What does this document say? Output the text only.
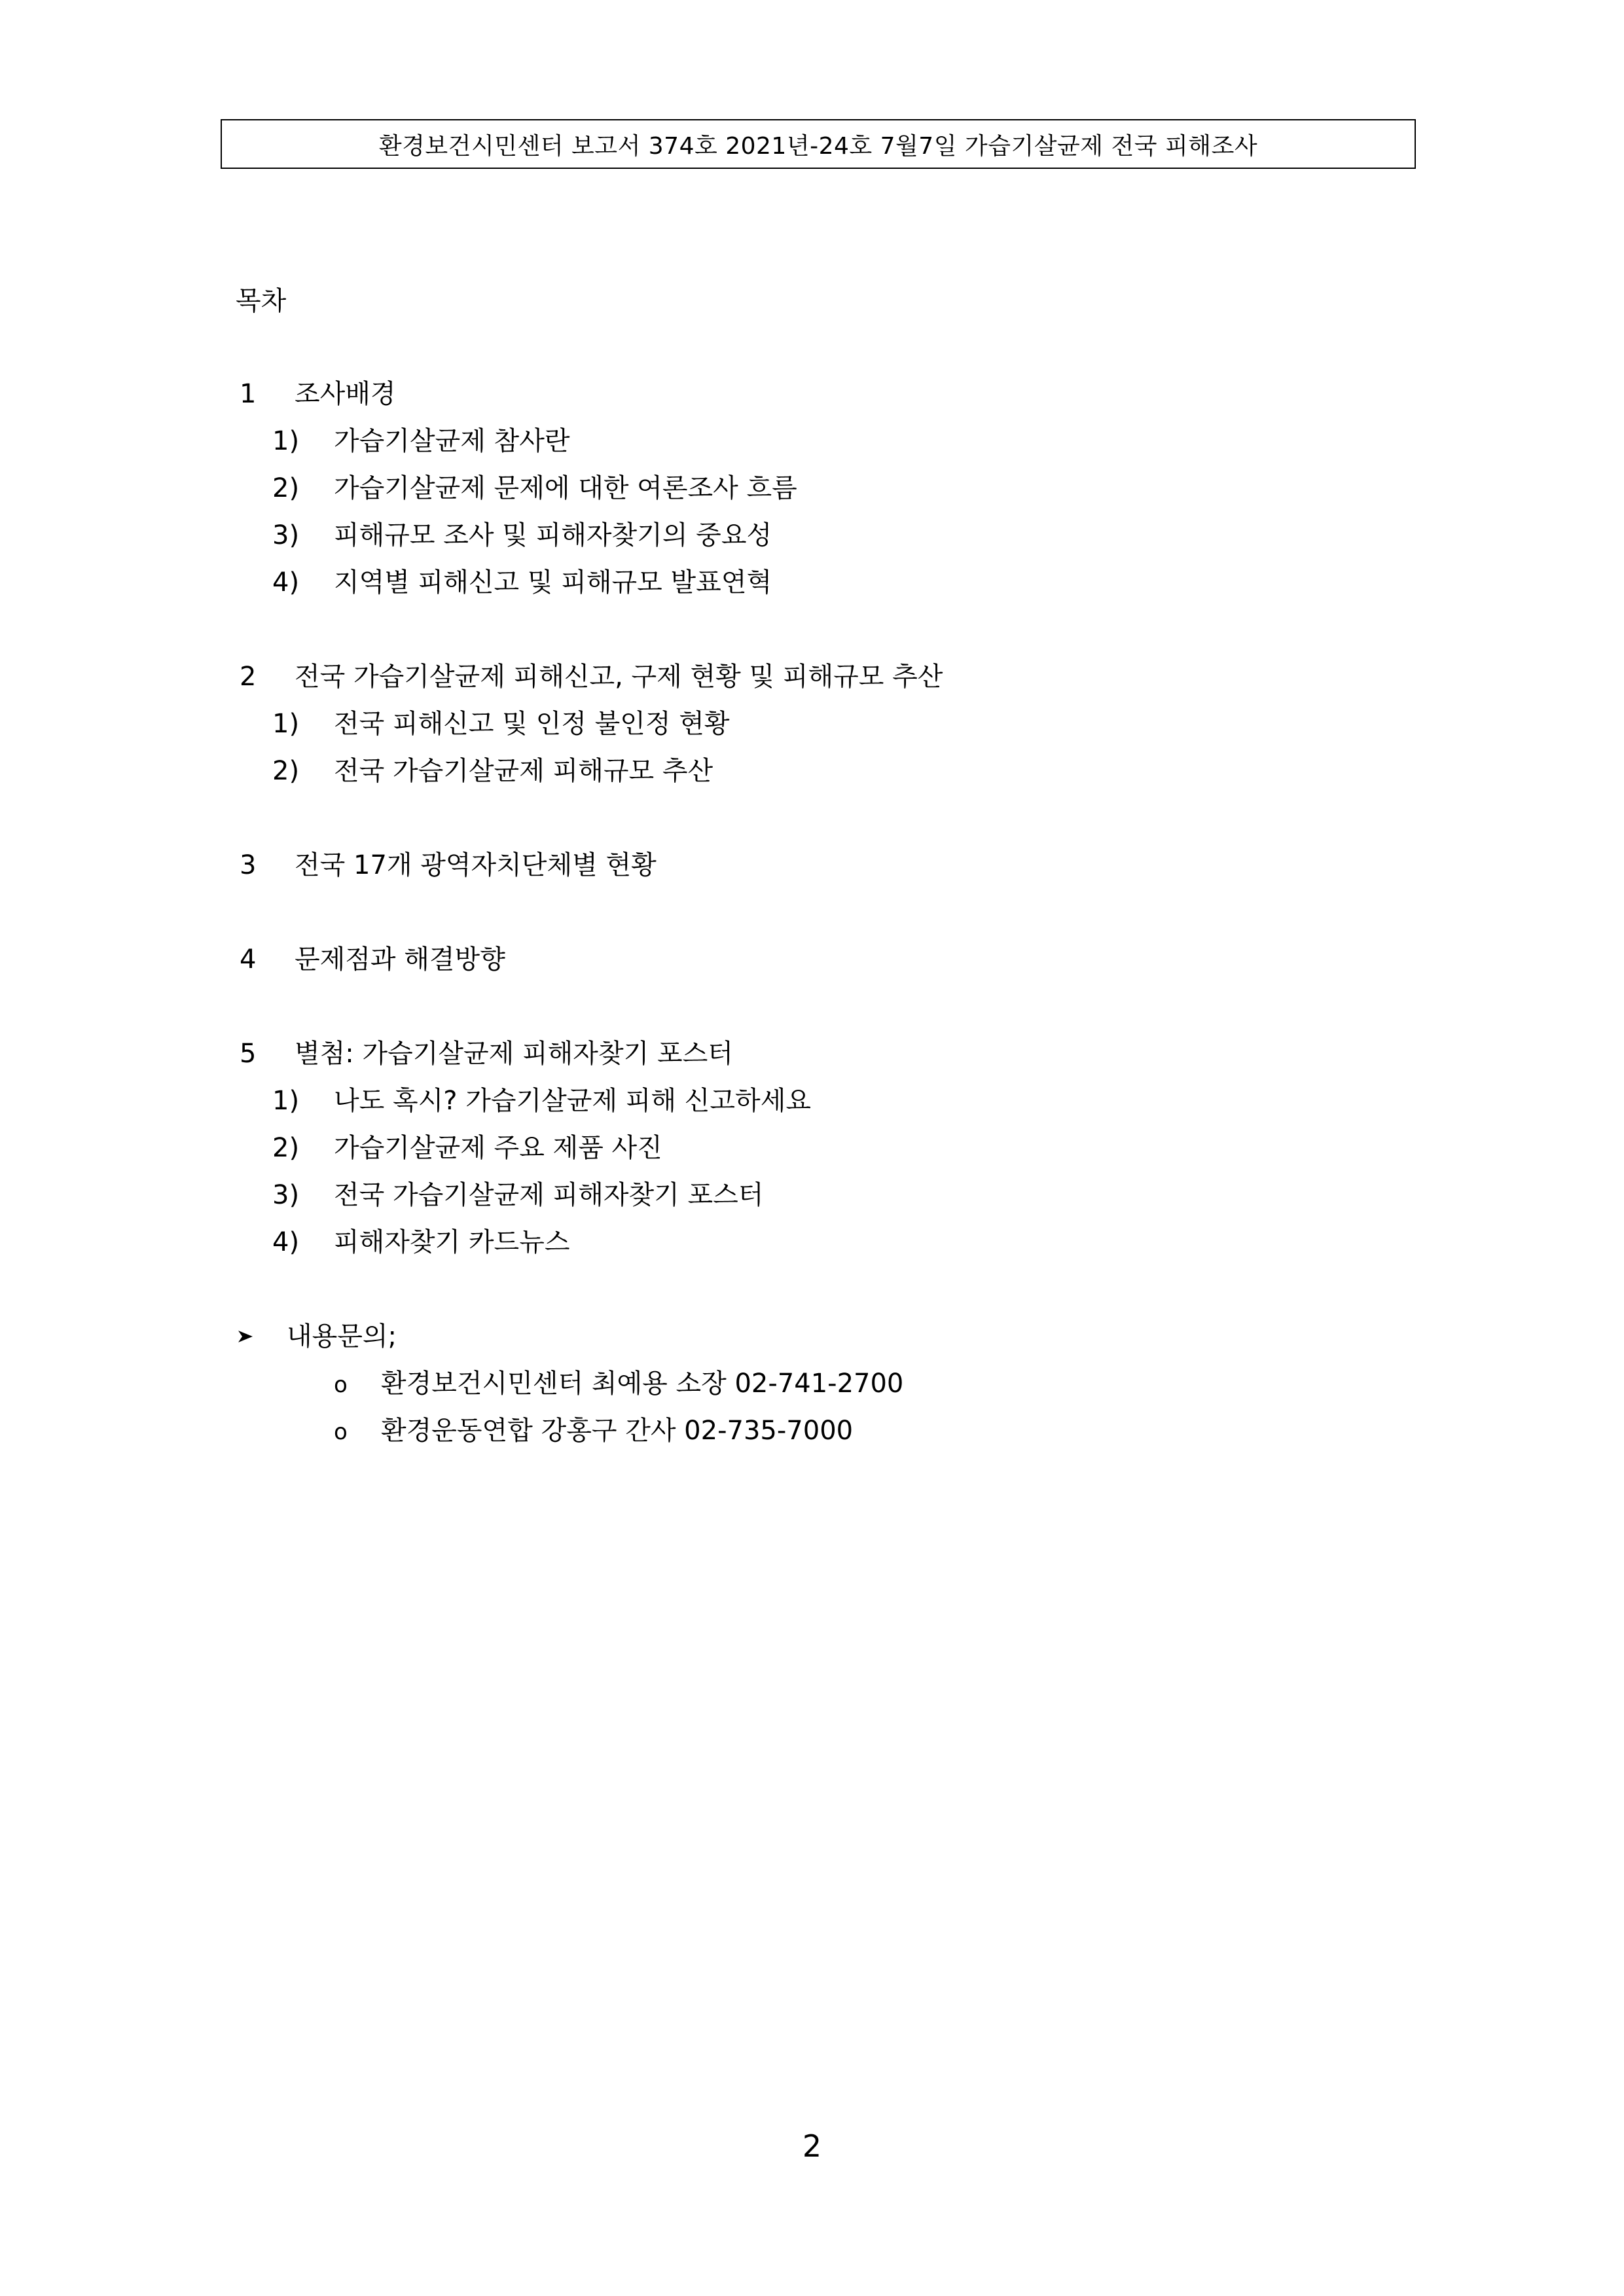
환경보건시민센터 보고서 374호 2021년-24호 7월7일 가습기살균제 전국 피해조사
목차
1 조사배경
1) 가습기살균제 참사란
2) 가습기살균제 문제에 대한 여론조사 흐름
3) 피해규모 조사 및 피해자찾기의 중요성
4) 지역별 피해신고 및 피해규모 발표연혁
2 전국 가습기살균제 피해신고, 구제 현황 및 피해규모 추산
1) 전국 피해신고 및 인정 불인정 현황
2) 전국 가습기살균제 피해규모 추산
3 전국 17개 광역자치단체별 현황
4 문제점과 해결방향
5 별첨: 가습기살균제 피해자찾기 포스터
1) 나도 혹시? 가습기살균제 피해 신고하세요
2) 가습기살균제 주요 제품 사진
3) 전국 가습기살균제 피해자찾기 포스터
4) 피해자찾기 카드뉴스
내용문의;
o 환경보건시민센터 최예용 소장 02-741-2700
o 환경운동연합 강홍구 간사 02-735-7000
2
